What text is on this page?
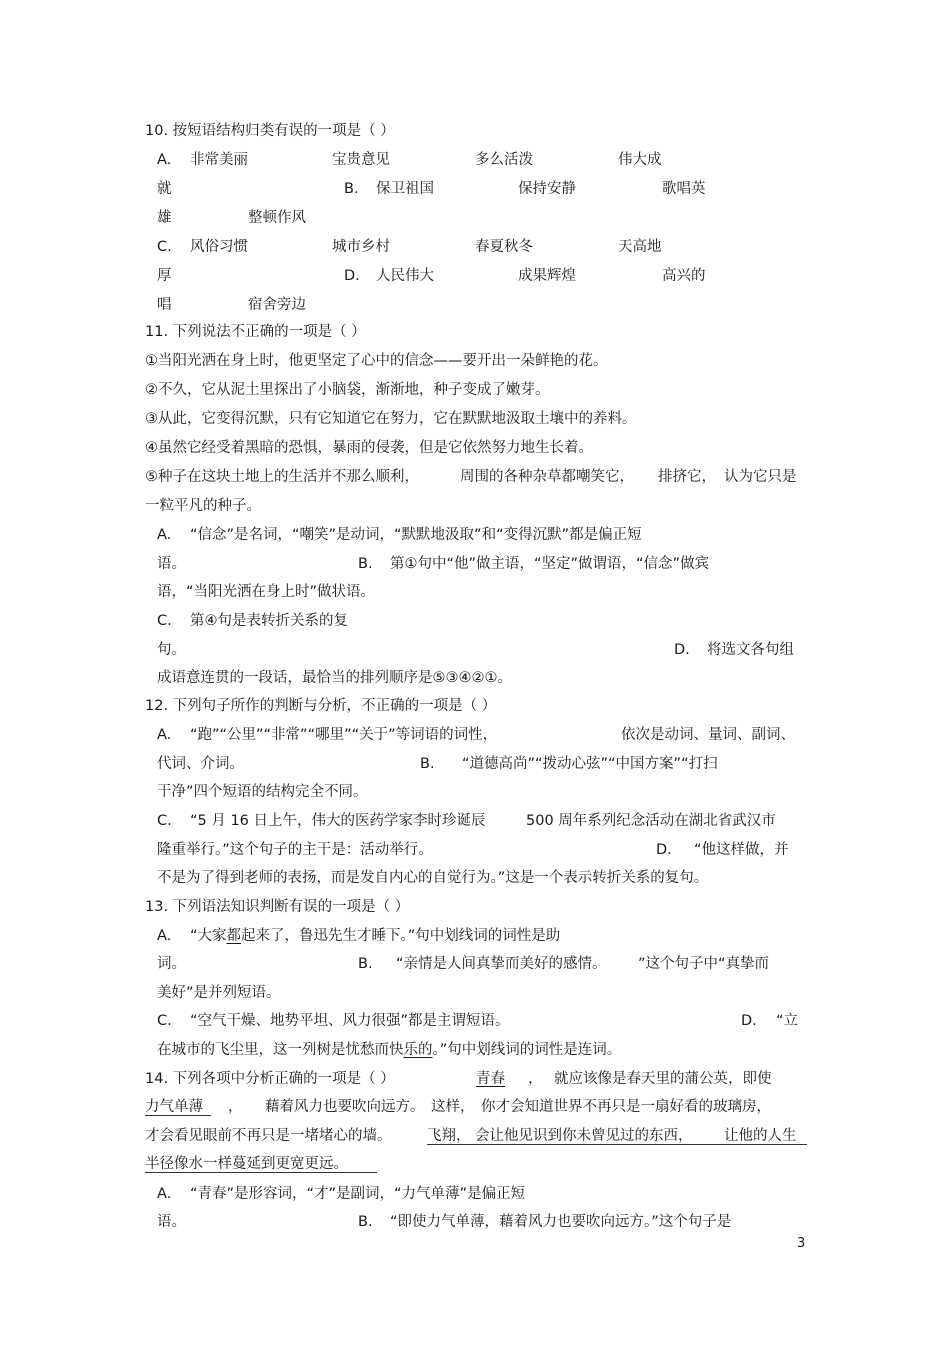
10. 按短语结构归类有误的一项是（ ）
A. 非常美丽	宝贵意见	多么活泼	伟大成
就	B. 保卫祖国	保持安静	歌唱英
雄	整顿作风
C. 风俗习惯	城市乡村	春夏秋冬	天高地
厚	D. 人民伟大	成果辉煌	高兴的
唱	宿舍旁边
11. 下列说法不正确的一项是（ ）
①当阳光洒在身上时，他更坚定了心中的信念——要开出一朵鲜艳的花。
②不久，它从泥土里探出了小脑袋，渐渐地，种子变成了嫩芽。
③从此，它变得沉默，只有它知道它在努力，它在默默地汲取土壤中的养料。
④虽然它经受着黑暗的恐惧，暴雨的侵袭，但是它依然努力地生长着。
⑤种子在这块土地上的生活并不那么顺利，	周围的各种杂草都嘲笑它， 排挤它， 认为它只是
一粒平凡的种子。
A. “信念”是名词，“嘲笑”是动词，“默默地汲取”和“变得沉默”都是偏正短
语。	B. 第①句中“他”做主语，“坚定”做谓语，“信念”做宾
语，“当阳光洒在身上时”做状语。
C. 第④句是表转折关系的复
句。	D. 将选文各句组
成语意连贯的一段话，最恰当的排列顺序是⑤③④②①。
12. 下列句子所作的判断与分析，不正确的一项是（ ）
A. “跑”“公里”“非常”“哪里”“关于”等词语的词性，	依次是动词、量词、副词、
代词、介词。	B. “道德高尚”“拨动心弦”“中国方案”“打扫
干净”四个短语的结构完全不同。
C. “5 月 16 日上午，伟大的医药学家李时珍诞辰	500 周年系列纪念活动在湖北省武汉市
隆重举行。”这个句子的主干是：活动举行。	D. “他这样做，并
不是为了得到老师的表扬，而是发自内心的自觉行为。”这是一个表示转折关系的复句。
13. 下列语法知识判断有误的一项是（ ）
A. “大家都起来了，鲁迅先生才睡下。”句中划线词的词性是助
词。	B. “亲情是人间真挚而美好的感情。 ”这个句子中“真挚而
美好”是并列短语。
C. “空气干燥、地势平坦、风力很强”都是主谓短语。	D. “立
在城市的飞尘里，这一列树是忧愁而快乐的。”句中划线词的词性是连词。
14. 下列各项中分析正确的一项是（ ）	青春 ， 就应该像是春天里的蒲公英，即使
力气单薄 ， 藉着风力也要吹向远方。 这样， 你才会知道世界不再只是一扇好看的玻璃房，
才会看见眼前不再只是一堵堵心的墙。 飞翔， 会让他见识到你未曾见过的东西， 让他的人生
半径像水一样蔓延到更宽更远。
A. “青春”是形容词，“才”是副词，“力气单薄”是偏正短
语。	B. “即使力气单薄，藉着风力也要吹向远方。”这个句子是
3
